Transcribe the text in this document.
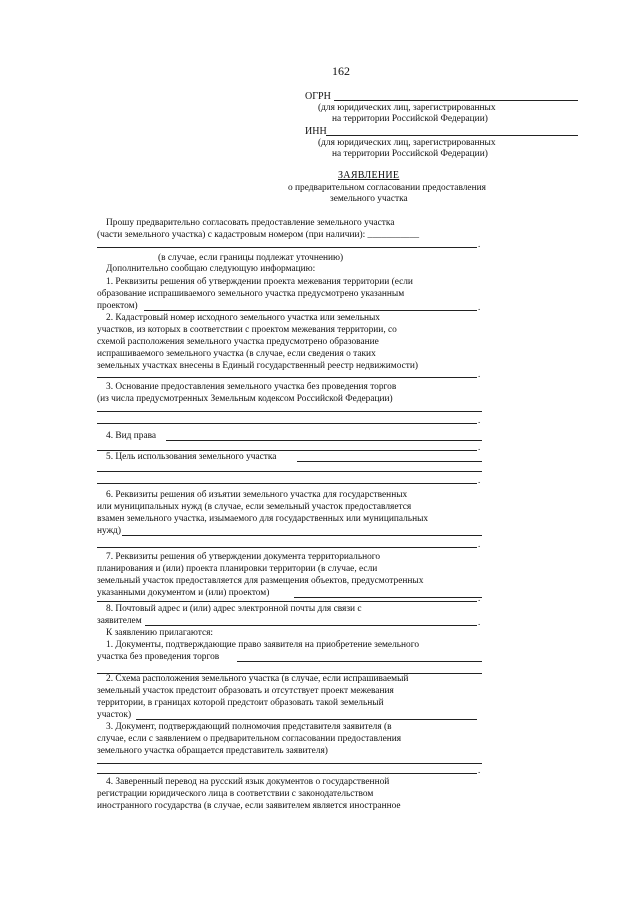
162
ОГРН
(для юридических лиц, зарегистрированных
на территории Российской Федерации)
ИНН
(для юридических лиц, зарегистрированных
на территории Российской Федерации)
ЗАЯВЛЕНИЕ
о предварительном согласовании предоставления
земельного участка
Прошу предварительно согласовать предоставление земельного участка
(части земельного участка) с кадастровым номером (при наличии): ___________
.
(в случае, если границы подлежат уточнению)
Дополнительно сообщаю следующую информацию:
1. Реквизиты решения об утверждении проекта межевания территории (если
образование испрашиваемого земельного участка предусмотрено указанным
проектом)	.
2. Кадастровый номер исходного земельного участка или земельных
участков, из которых в соответствии с проектом межевания территории, со
схемой расположения земельного участка предусмотрено образование
испрашиваемого земельного участка (в случае, если сведения о таких
земельных участках внесены в Единый государственный реестр недвижимости)
.
3. Основание предоставления земельного участка без проведения торгов
(из числа предусмотренных Земельным кодексом Российской Федерации)
.
4. Вид права
.
5. Цель использования земельного участка
.
6. Реквизиты решения об изъятии земельного участка для государственных
или муниципальных нужд (в случае, если земельный участок предоставляется
взамен земельного участка, изымаемого для государственных или муниципальных
нужд)
.
7. Реквизиты решения об утверждении документа территориального
планирования и (или) проекта планировки территории (в случае, если
земельный участок предоставляется для размещения объектов, предусмотренных
указанными документом и (или) проектом)	.
8. Почтовый адрес и (или) адрес электронной почты для связи с
заявителем	.
К заявлению прилагаются:
1. Документы, подтверждающие право заявителя на приобретение земельного
участка без проведения торгов
2. Схема расположения земельного участка (в случае, если испрашиваемый
земельный участок предстоит образовать и отсутствует проект межевания
территории, в границах которой предстоит образовать такой земельный
участок)
3. Документ, подтверждающий полномочия представителя заявителя (в
случае, если с заявлением о предварительном согласовании предоставления
земельного участка обращается представитель заявителя)
.
4. Заверенный перевод на русский язык документов о государственной
регистрации юридического лица в соответствии с законодательством
иностранного государства (в случае, если заявителем является иностранное
